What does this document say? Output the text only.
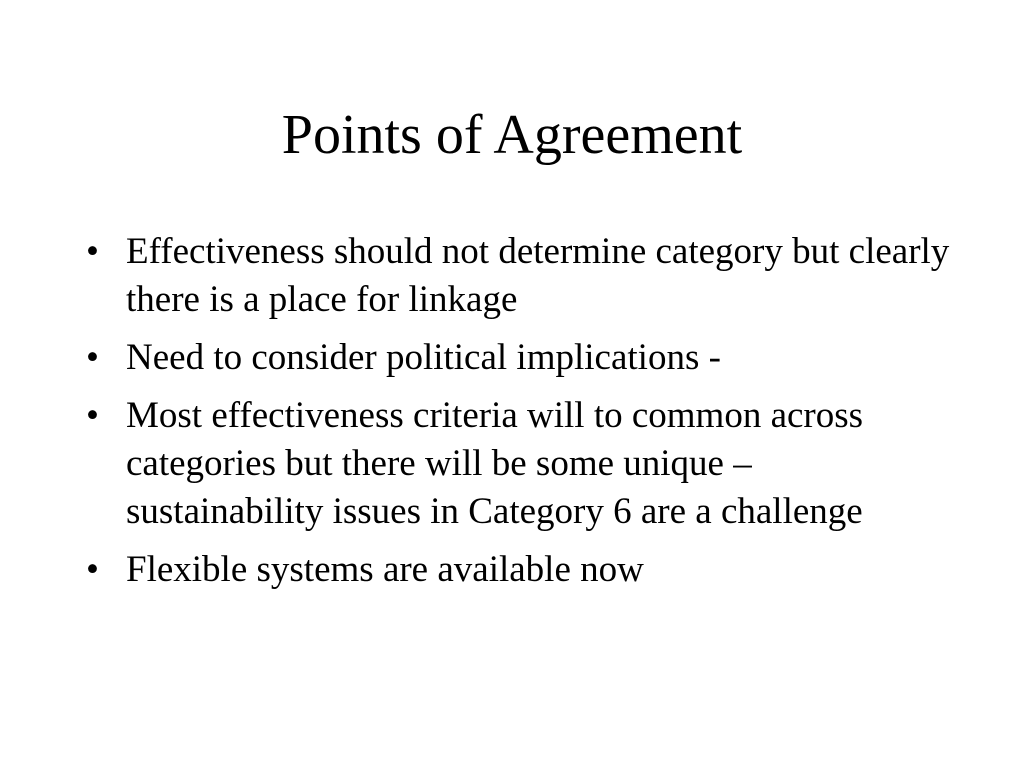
Points of Agreement
• Effectiveness should not determine category but clearly there is a place for linkage
• Need to consider political implications -
• Most effectiveness criteria will to common across categories but there will be some unique – sustainability issues in Category 6 are a challenge
• Flexible systems are available now
